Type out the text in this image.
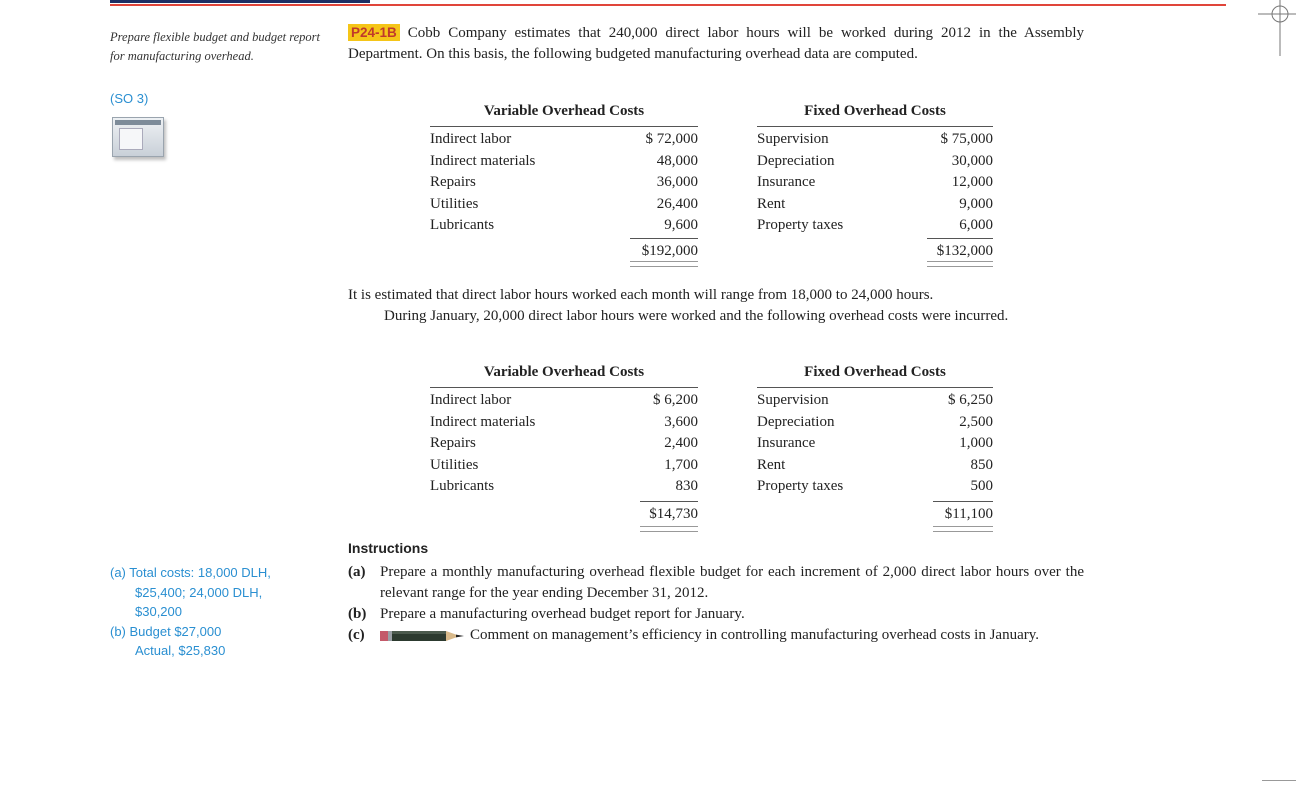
Prepare flexible budget and budget report for manufacturing overhead.
(SO 3)
(a) Total costs: 18,000 DLH,
$25,400; 24,000 DLH,
$30,200
(b) Budget $27,000
Actual, $25,830
P24-1B Cobb Company estimates that 240,000 direct labor hours will be worked during 2012 in the Assembly Department. On this basis, the following budgeted manufacturing overhead data are computed.
Variable Overhead Costs	Fixed Overhead Costs
Indirect labor	$ 72,000
Indirect materials	48,000
Repairs	36,000
Utilities	26,400
Lubricants	9,600
$192,000
Supervision	$ 75,000
Depreciation	30,000
Insurance	12,000
Rent	9,000
Property taxes	6,000
$132,000
It is estimated that direct labor hours worked each month will range from 18,000 to 24,000 hours.
During January, 20,000 direct labor hours were worked and the following overhead costs were incurred.
Variable Overhead Costs	Fixed Overhead Costs
Indirect labor	$ 6,200
Indirect materials	3,600
Repairs	2,400
Utilities	1,700
Lubricants	830
$14,730
Supervision	$ 6,250
Depreciation	2,500
Insurance	1,000
Rent	850
Property taxes	500
$11,100
Instructions
(a) Prepare a monthly manufacturing overhead flexible budget for each increment of 2,000 direct labor hours over the relevant range for the year ending December 31, 2012.
(b) Prepare a manufacturing overhead budget report for January.
(c)	Comment on management’s efficiency in controlling manufacturing overhead costs in January.
